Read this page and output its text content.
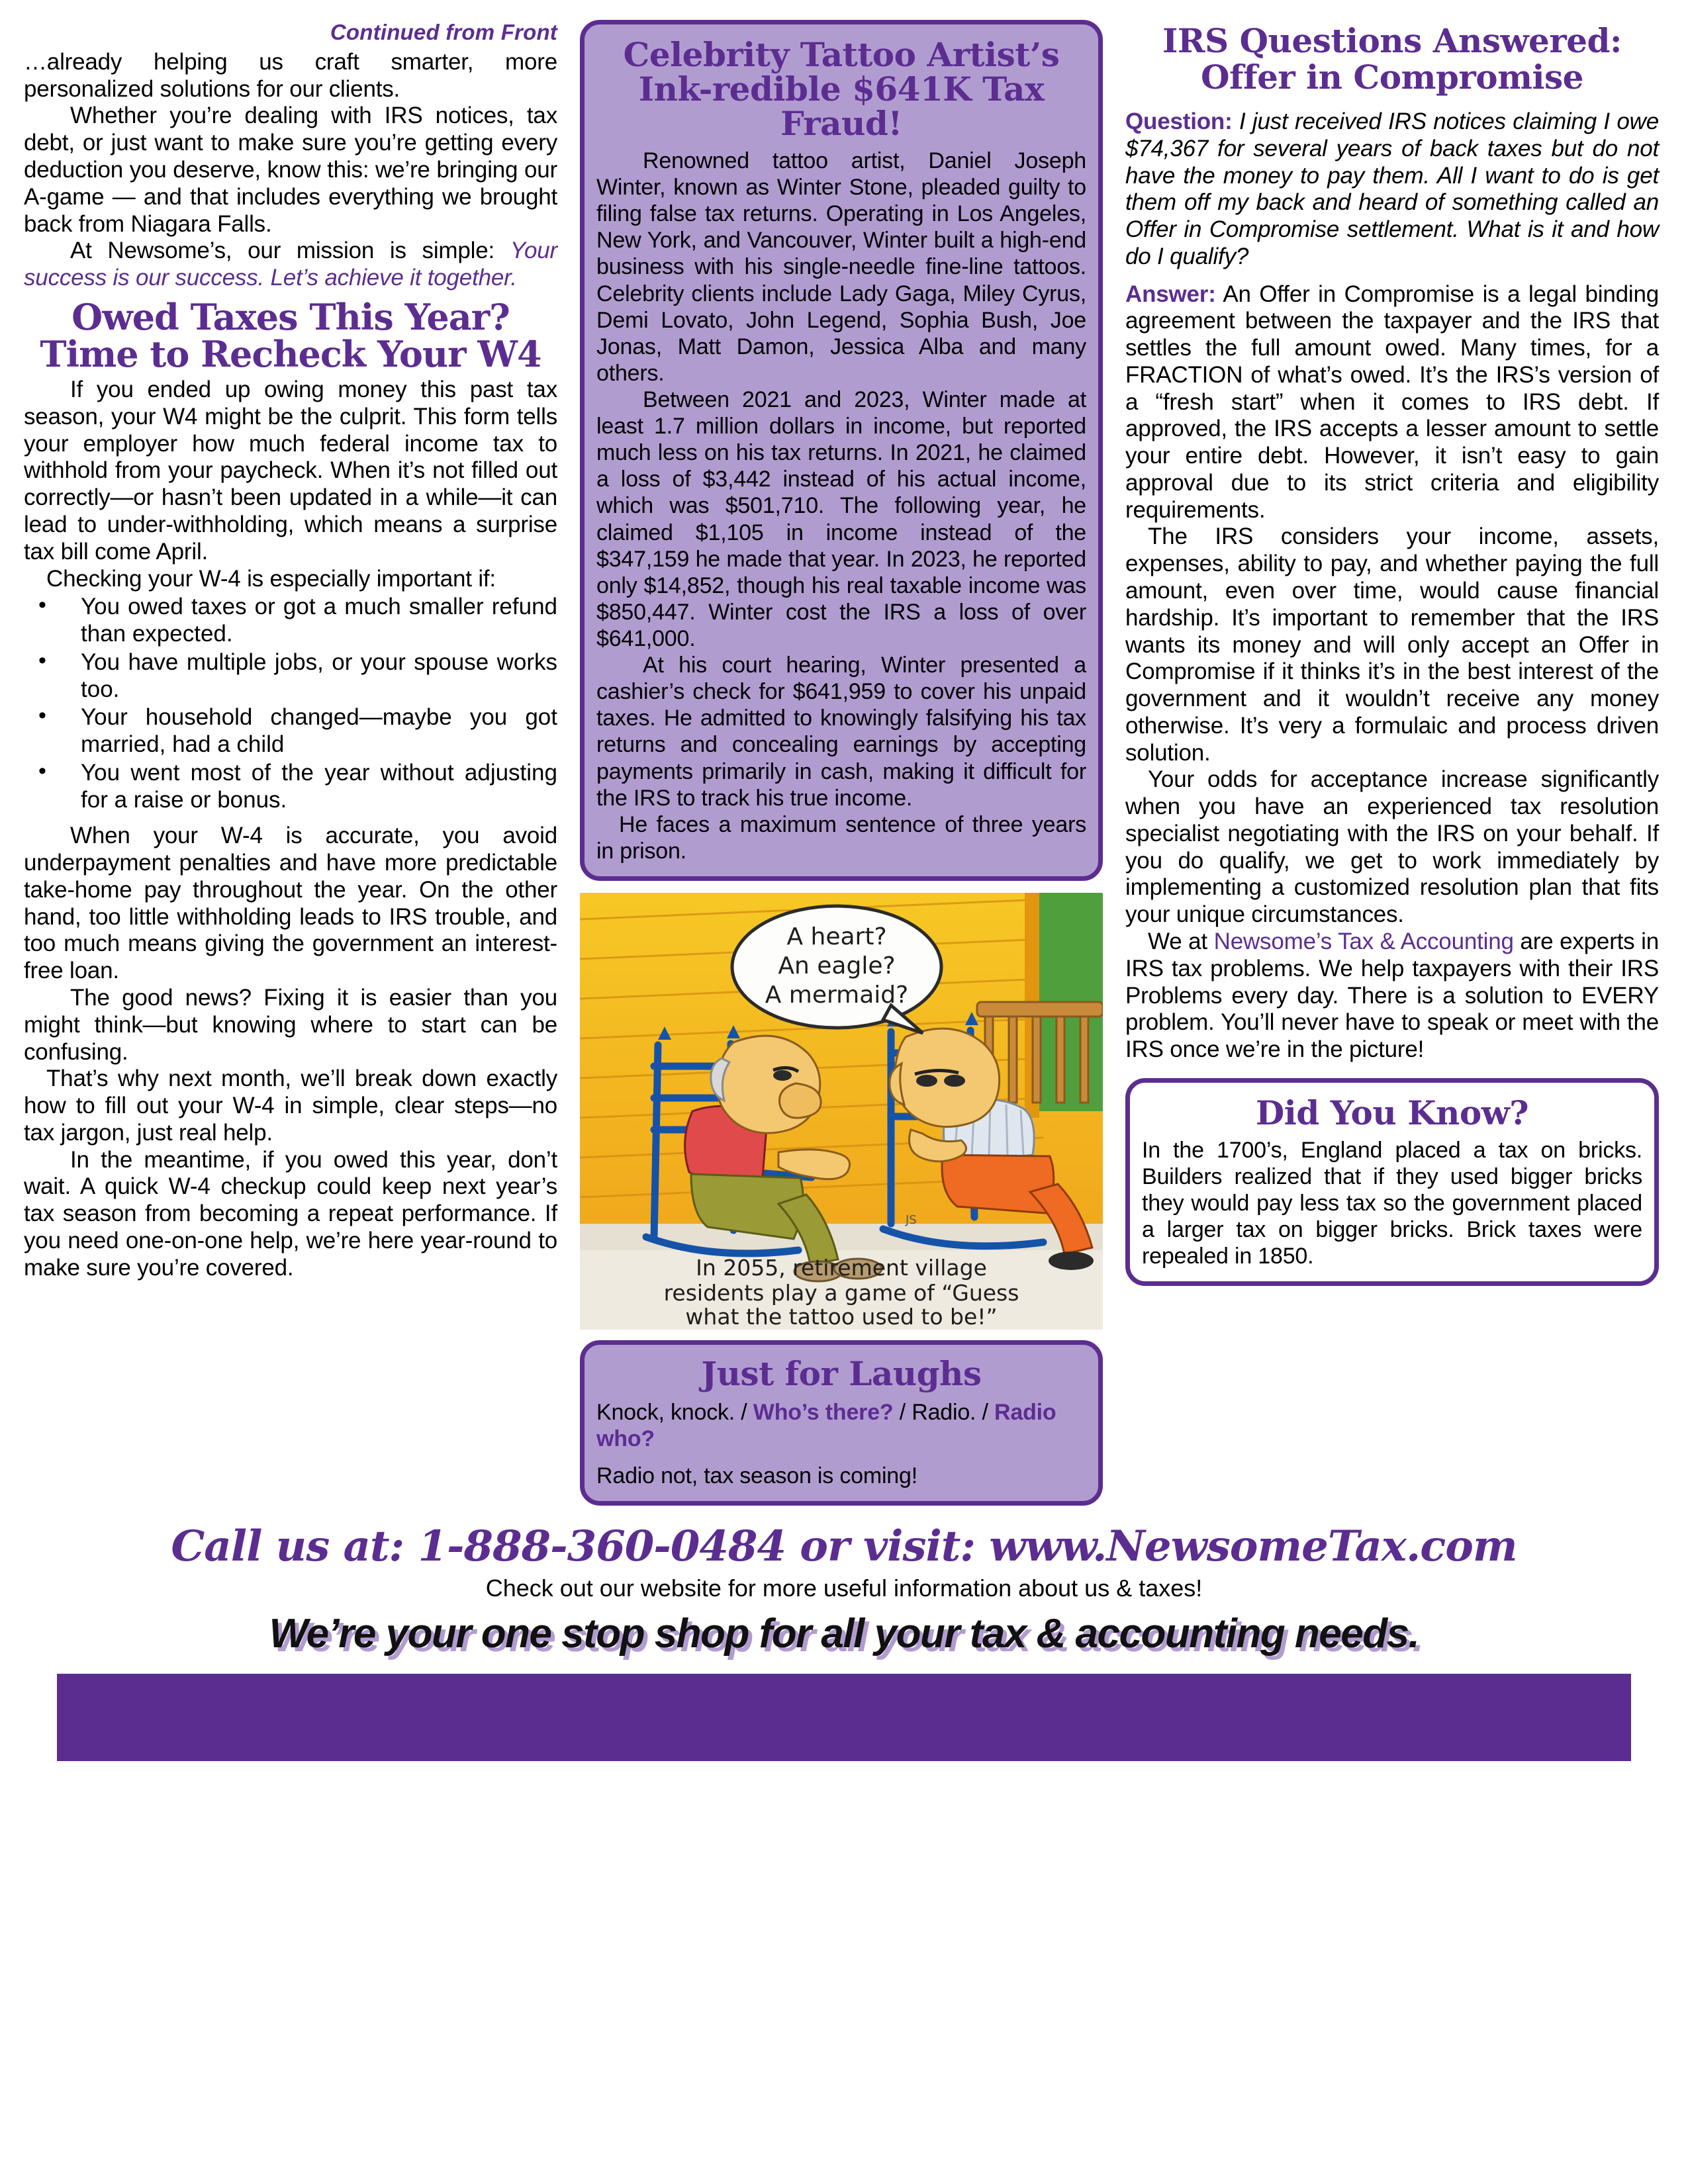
Continued from Front

…already helping us craft smarter, more personalized solutions for our clients.

Whether you’re dealing with IRS notices, tax debt, or just want to make sure you’re getting every deduction you deserve, know this: we’re bringing our A-game — and that includes everything we brought back from Niagara Falls.

At Newsome’s, our mission is simple: Your success is our success. Let’s achieve it together.

Owed Taxes This Year? Time to Recheck Your W4

If you ended up owing money this past tax season, your W4 might be the culprit. This form tells your employer how much federal income tax to withhold from your paycheck. When it’s not filled out correctly—or hasn’t been updated in a while—it can lead to under-withholding, which means a surprise tax bill come April.

Checking your W-4 is especially important if:

• You owed taxes or got a much smaller refund than expected.
• You have multiple jobs, or your spouse works too.
• Your household changed—maybe you got married, had a child
• You went most of the year without adjusting for a raise or bonus.

When your W-4 is accurate, you avoid underpayment penalties and have more predictable take-home pay throughout the year. On the other hand, too little withholding leads to IRS trouble, and too much means giving the government an interest-free loan.

The good news? Fixing it is easier than you might think—but knowing where to start can be confusing.

That’s why next month, we’ll break down exactly how to fill out your W-4 in simple, clear steps—no tax jargon, just real help.

In the meantime, if you owed this year, don’t wait. A quick W-4 checkup could keep next year’s tax season from becoming a repeat performance. If you need one-on-one help, we’re here year-round to make sure you’re covered.

Celebrity Tattoo Artist’s Ink-redible $641K Tax Fraud!

Renowned tattoo artist, Daniel Joseph Winter, known as Winter Stone, pleaded guilty to filing false tax returns. Operating in Los Angeles, New York, and Vancouver, Winter built a high-end business with his single-needle fine-line tattoos. Celebrity clients include Lady Gaga, Miley Cyrus, Demi Lovato, John Legend, Sophia Bush, Joe Jonas, Matt Damon, Jessica Alba and many others.

Between 2021 and 2023, Winter made at least 1.7 million dollars in income, but reported much less on his tax returns. In 2021, he claimed a loss of $3,442 instead of his actual income, which was $501,710. The following year, he claimed $1,105 in income instead of the $347,159 he made that year. In 2023, he reported only $14,852, though his real taxable income was $850,447. Winter cost the IRS a loss of over $641,000.

At his court hearing, Winter presented a cashier’s check for $641,959 to cover his unpaid taxes. He admitted to knowingly falsifying his tax returns and concealing earnings by accepting payments primarily in cash, making it difficult for the IRS to track his true income.

He faces a maximum sentence of three years in prison.

A heart?
An eagle?
A mermaid?
JS
In 2055, retirement village
residents play a game of “Guess
what the tattoo used to be!”
Just for Laughs

Knock, knock. / Who’s there? / Radio. / Radio who?

Radio not, tax season is coming!

IRS Questions Answered: Offer in Compromise

Question: I just received IRS notices claiming I owe $74,367 for several years of back taxes but do not have the money to pay them. All I want to do is get them off my back and heard of something called an Offer in Compromise settlement. What is it and how do I qualify?

Answer: An Offer in Compromise is a legal binding agreement between the taxpayer and the IRS that settles the full amount owed. Many times, for a FRACTION of what’s owed. It’s the IRS’s version of a “fresh start” when it comes to IRS debt. If approved, the IRS accepts a lesser amount to settle your entire debt. However, it isn’t easy to gain approval due to its strict criteria and eligibility requirements.

The IRS considers your income, assets, expenses, ability to pay, and whether paying the full amount, even over time, would cause financial hardship. It’s important to remember that the IRS wants its money and will only accept an Offer in Compromise if it thinks it’s in the best interest of the government and it wouldn’t receive any money otherwise. It’s very a formulaic and process driven solution.

Your odds for acceptance increase significantly when you have an experienced tax resolution specialist negotiating with the IRS on your behalf. If you do qualify, we get to work immediately by implementing a customized resolution plan that fits your unique circumstances.

We at Newsome’s Tax & Accounting are experts in IRS tax problems. We help taxpayers with their IRS Problems every day. There is a solution to EVERY problem. You’ll never have to speak or meet with the IRS once we’re in the picture!

Did You Know?

In the 1700’s, England placed a tax on bricks. Builders realized that if they used bigger bricks they would pay less tax so the government placed a larger tax on bigger bricks. Brick taxes were repealed in 1850.

Call us at: 1-888-360-0484 or visit: www.NewsomeTax.com
Check out our website for more useful information about us & taxes!
We’re your one stop shop for all your tax & accounting needs.
